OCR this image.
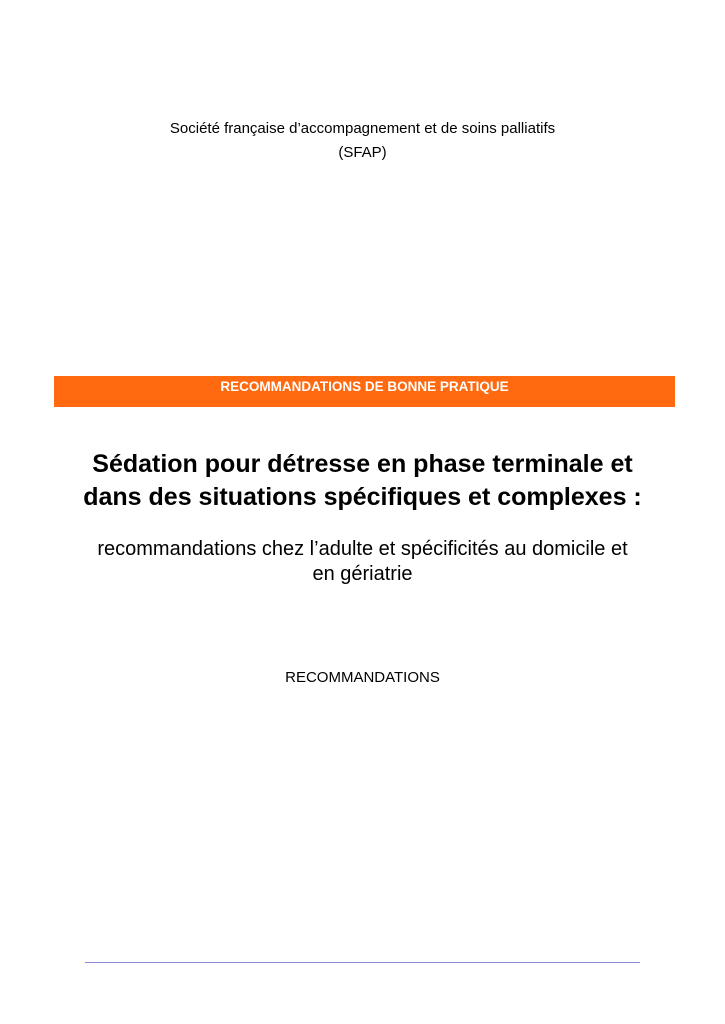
Société française d’accompagnement et de soins palliatifs
(SFAP)
RECOMMANDATIONS DE BONNE PRATIQUE
Sédation pour détresse en phase terminale et
dans des situations spécifiques et complexes :
recommandations chez l’adulte et spécificités au domicile et
en gériatrie
RECOMMANDATIONS
